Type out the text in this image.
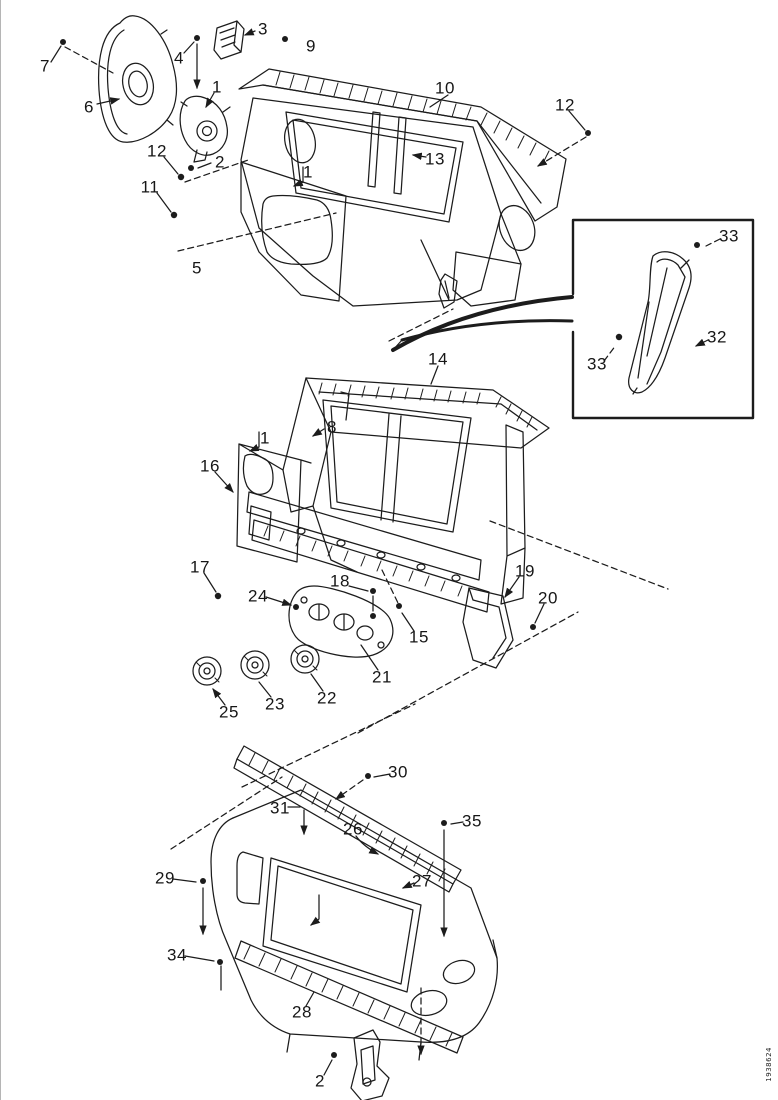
7
6
3
4
9
1
2
12
11
5
10
13
1
12
33
32
33
14
8
16
1
17
24
18
15
19
20
21
22
23
25
30
31
26	35
27
29
34
28
2	1938624
